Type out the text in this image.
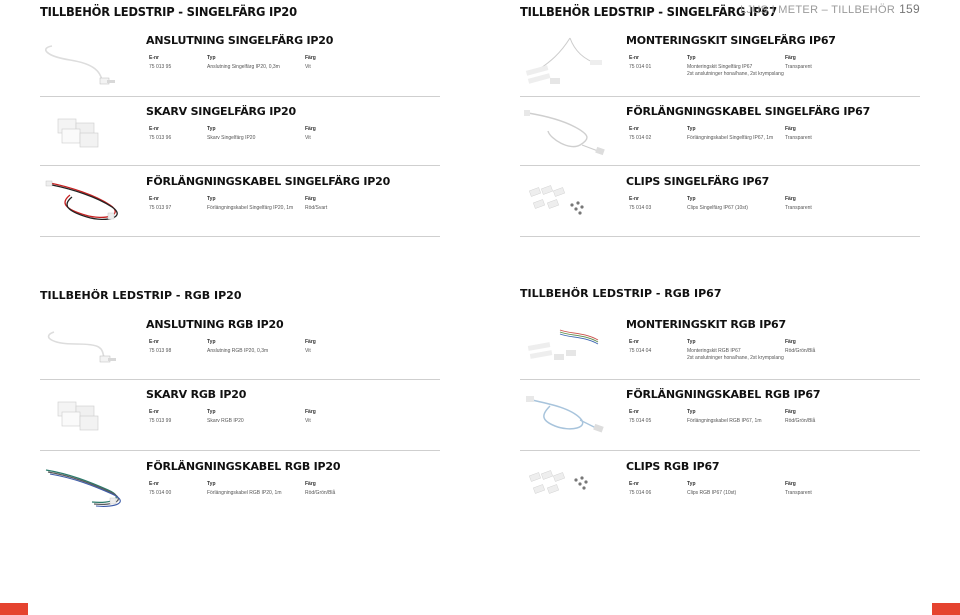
TILLBEHÖR LEDSTRIP - SINGELFÄRG IP20	TILLBEHÖR LEDSTRIP - SINGELFÄRG IP67
LJUS I METER – TILLBEHÖR 159
ANSLUTNING SINGELFÄRG IP20
E-nr	Typ	Färg
75 013 95	Anslutning Singelfärg IP20, 0,3m	Vit
MONTERINGSKIT SINGELFÄRG IP67
E-nr	Typ	Färg
75 014 01	Monteringskit Singelfärg IP67
2st anslutninger hona/hane, 2st krympslang
Transparent
SKARV SINGELFÄRG IP20
E-nr	Typ	Färg
75 013 96	Skarv Singelfärg IP20	Vit
FÖRLÄNGNINGSKABEL SINGELFÄRG IP67
E-nr	Typ	Färg
75 014 02	Förlängningskabel Singelfärg IP67, 1m Transparent
FÖRLÄNGNINGSKABEL SINGELFÄRG IP20
E-nr	Typ	Färg
75 013 97	Förlängningskabel Singelfärg IP20, 1m Röd/Svart
CLIPS SINGELFÄRG IP67
E-nr	Typ	Färg
75 014 03	Clips Singelfärg IP67 (10st)	Transparent
TILLBEHÖR LEDSTRIP - RGB IP20	TILLBEHÖR LEDSTRIP - RGB IP67
ANSLUTNING RGB IP20
E-nr	Typ	Färg
75 013 98	Anslutning RGB IP20, 0,3m	Vit
MONTERINGSKIT RGB IP67
E-nr	Typ	Färg
75 014 04	Monteringskit RGB IP67
2st anslutninger hona/hane, 2st krympslang
Röd/Grön/Blå
SKARV RGB IP20
E-nr	Typ	Färg
75 013 99	Skarv RGB IP20	Vit
FÖRLÄNGNINGSKABEL RGB IP67
E-nr	Typ	Färg
75 014 05	Förlängningskabel RGB IP67, 1m	Röd/Grön/Blå
FÖRLÄNGNINGSKABEL RGB IP20
E-nr	Typ	Färg
75 014 00	Förlängningskabel RGB IP20, 1m	Röd/Grön/Blå
CLIPS RGB IP67
E-nr	Typ	Färg
75 014 06	Clips RGB IP67 (10st)	Transparent
